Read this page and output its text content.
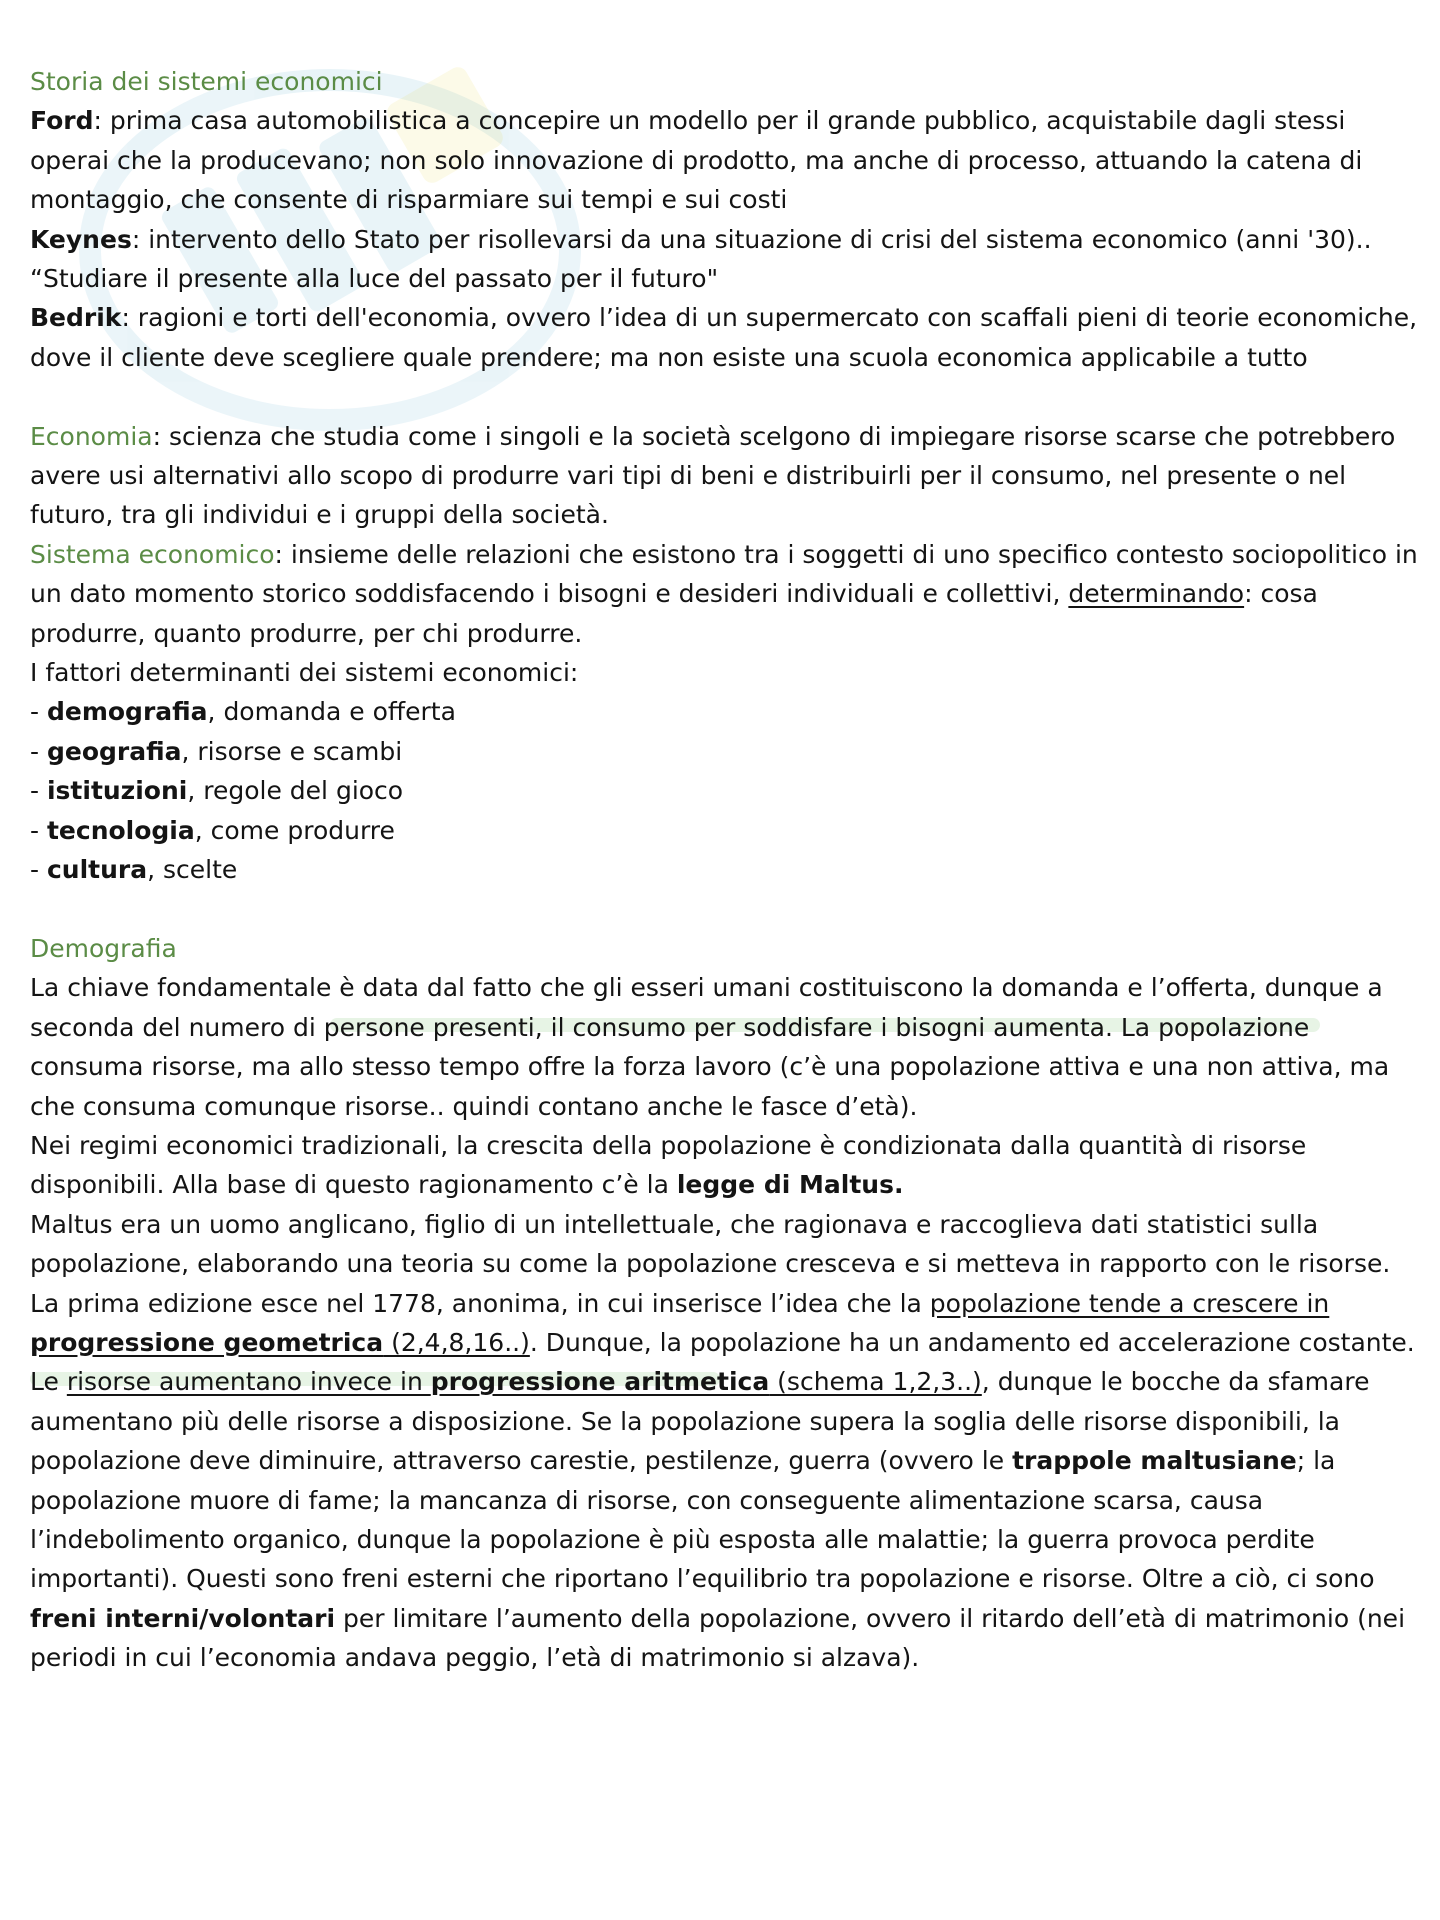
Storia dei sistemi economici

Ford: prima casa automobilistica a concepire un modello per il grande pubblico, acquistabile dagli stessi operai che la producevano; non solo innovazione di prodotto, ma anche di processo, attuando la catena di montaggio, che consente di risparmiare sui tempi e sui costi

Keynes: intervento dello Stato per risollevarsi da una situazione di crisi del sistema economico (anni '30).. “Studiare il presente alla luce del passato per il futuro"

Bedrik: ragioni e torti dell'economia, ovvero l’idea di un supermercato con scaffali pieni di teorie economiche, dove il cliente deve scegliere quale prendere; ma non esiste una scuola economica applicabile a tutto

Economia: scienza che studia come i singoli e la società scelgono di impiegare risorse scarse che potrebbero avere usi alternativi allo scopo di produrre vari tipi di beni e distribuirli per il consumo, nel presente o nel futuro, tra gli individui e i gruppi della società.

Sistema economico: insieme delle relazioni che esistono tra i soggetti di uno specifico contesto sociopolitico in un dato momento storico soddisfacendo i bisogni e desideri individuali e collettivi, determinando: cosa produrre, quanto produrre, per chi produrre.

I fattori determinanti dei sistemi economici:

- demografia, domanda e offerta

- geografia, risorse e scambi

- istituzioni, regole del gioco

- tecnologia, come produrre

- cultura, scelte

Demografia

La chiave fondamentale è data dal fatto che gli esseri umani costituiscono la domanda e l’offerta, dunque a seconda del numero di persone presenti, il consumo per soddisfare i bisogni aumenta. La popolazione consuma risorse, ma allo stesso tempo offre la forza lavoro (c’è una popolazione attiva e una non attiva, ma che consuma comunque risorse.. quindi contano anche le fasce d’età).

Nei regimi economici tradizionali, la crescita della popolazione è condizionata dalla quantità di risorse disponibili. Alla base di questo ragionamento c’è la legge di Maltus.

Maltus era un uomo anglicano, figlio di un intellettuale, che ragionava e raccoglieva dati statistici sulla popolazione, elaborando una teoria su come la popolazione cresceva e si metteva in rapporto con le risorse. La prima edizione esce nel 1778, anonima, in cui inserisce l’idea che la popolazione tende a crescere in progressione geometrica (2,4,8,16..). Dunque, la popolazione ha un andamento ed accelerazione costante. Le risorse aumentano invece in progressione aritmetica (schema 1,2,3..), dunque le bocche da sfamare aumentano più delle risorse a disposizione. Se la popolazione supera la soglia delle risorse disponibili, la popolazione deve diminuire, attraverso carestie, pestilenze, guerra (ovvero le trappole maltusiane; la popolazione muore di fame; la mancanza di risorse, con conseguente alimentazione scarsa, causa l’indebolimento organico, dunque la popolazione è più esposta alle malattie; la guerra provoca perdite importanti). Questi sono freni esterni che riportano l’equilibrio tra popolazione e risorse. Oltre a ciò, ci sono freni interni/volontari per limitare l’aumento della popolazione, ovvero il ritardo dell’età di matrimonio (nei periodi in cui l’economia andava peggio, l’età di matrimonio si alzava).
